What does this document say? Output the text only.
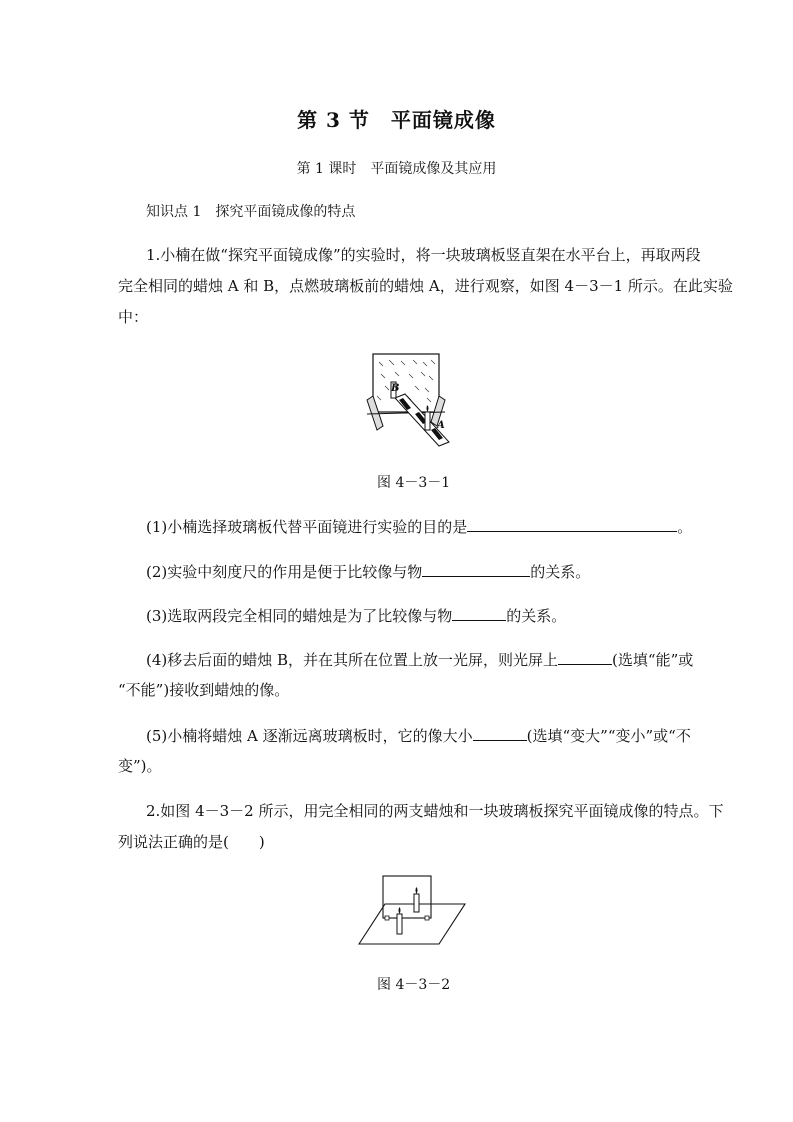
第 3 节　平面镜成像
第 1 课时　平面镜成像及其应用
知识点 1　探究平面镜成像的特点
1.小楠在做“探究平面镜成像”的实验时，将一块玻璃板竖直架在水平台上，再取两段
完全相同的蜡烛 A 和 B，点燃玻璃板前的蜡烛 A，进行观察，如图 4－3－1 所示。在此实验
中：
B
A
图 4－3－1
(1)小楠选择玻璃板代替平面镜进行实验的目的是	。
(2)实验中刻度尺的作用是便于比较像与物	的关系。
(3)选取两段完全相同的蜡烛是为了比较像与物	的关系。
(4)移去后面的蜡烛 B，并在其所在位置上放一光屏，则光屏上	(选填“能”或
“不能”)接收到蜡烛的像。
(5)小楠将蜡烛 A 逐渐远离玻璃板时，它的像大小	(选填“变大”“变小”或“不
变”)。
2.如图 4－3－2 所示，用完全相同的两支蜡烛和一块玻璃板探究平面镜成像的特点。下
列说法正确的是(　　)
图 4－3－2
